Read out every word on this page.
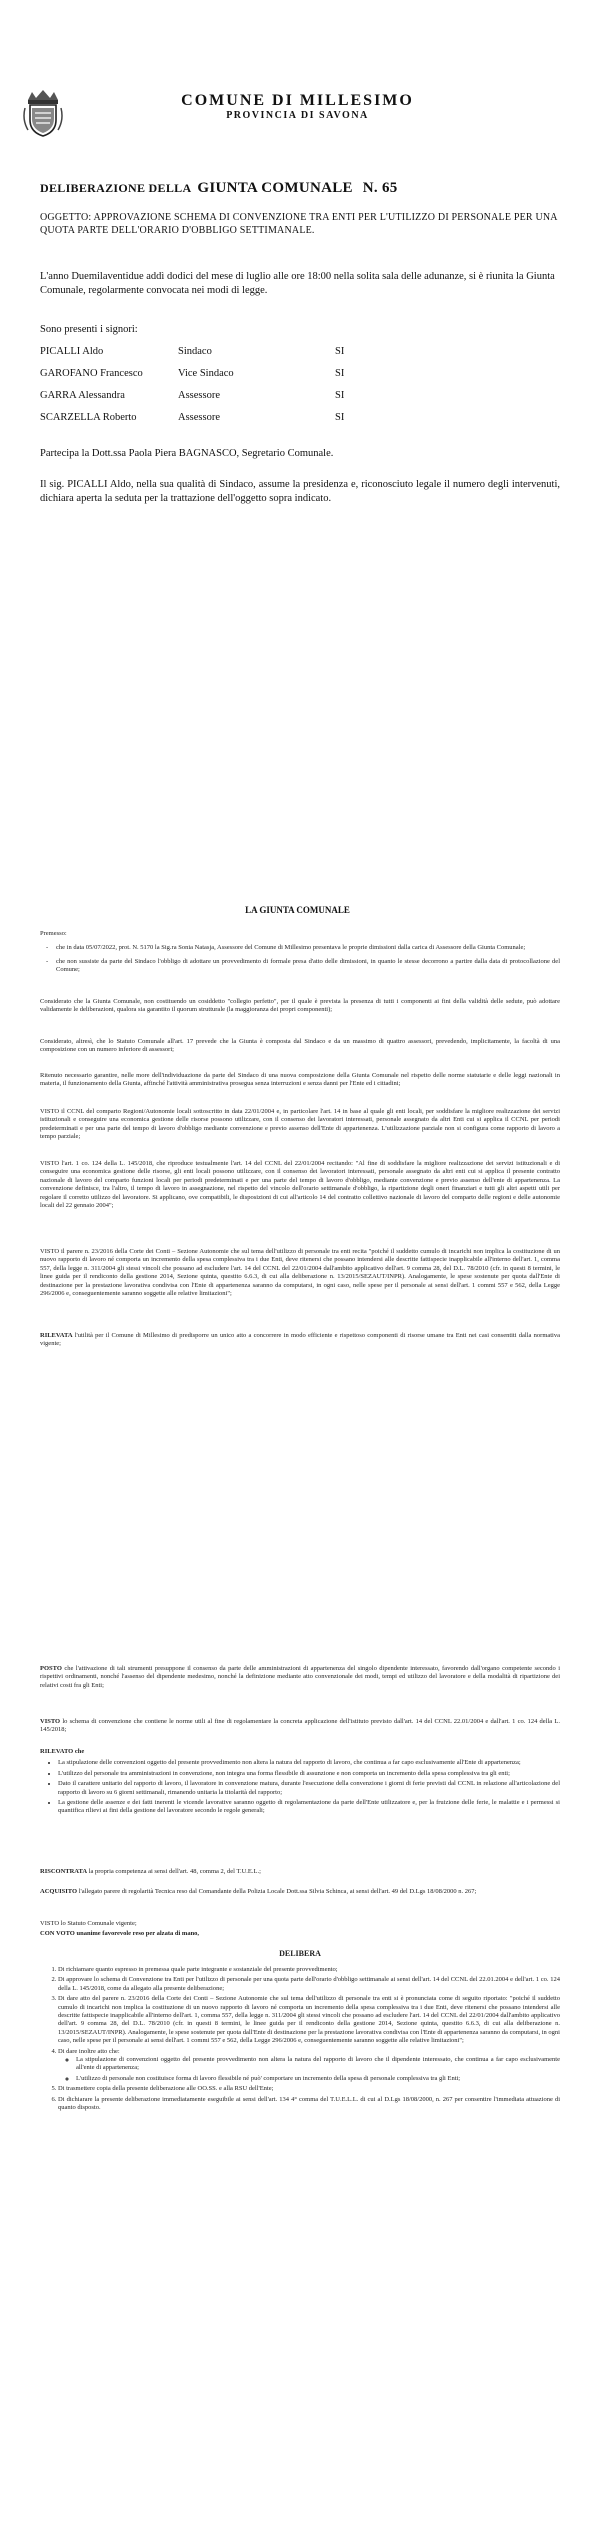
COMUNE DI MILLESIMO
PROVINCIA DI SAVONA
DELIBERAZIONE DELLA GIUNTA COMUNALE N. 65
OGGETTO: APPROVAZIONE SCHEMA DI CONVENZIONE TRA ENTI PER L'UTILIZZO DI PERSONALE PER UNA QUOTA PARTE DELL'ORARIO D'OBBLIGO SETTIMANALE.
L'anno Duemilaventidue addì dodici del mese di luglio alle ore 18:00 nella solita sala delle adunanze, si è riunita la Giunta Comunale, regolarmente convocata nei modi di legge.
Sono presenti i signori:
PICALLI Aldo	Sindaco	SI
GAROFANO Francesco	Vice Sindaco	SI
GARRA Alessandra	Assessore	SI
SCARZELLA Roberto	Assessore	SI
Partecipa la Dott.ssa Paola Piera BAGNASCO, Segretario Comunale.
Il sig. PICALLI Aldo, nella sua qualità di Sindaco, assume la presidenza e, riconosciuto legale il numero degli intervenuti, dichiara aperta la seduta per la trattazione dell'oggetto sopra indicato.
LA GIUNTA COMUNALE
Premesso:
- che in data 05/07/2022, prot. N. 5170 la Sig.ra Sonia Natasja, Assessore del Comune di Millesimo presentava le proprie dimissioni dalla carica di Assessore della Giunta Comunale;
- che non sussiste da parte del Sindaco l'obbligo di adottare un provvedimento di formale presa d'atto delle dimissioni, in quanto le stesse decorrono a partire dalla data di protocollazione del Comune;
Considerato che la Giunta Comunale, non costituendo un cosiddetto "collegio perfetto", per il quale è prevista la presenza di tutti i componenti ai fini della validità delle sedute, può adottare validamente le deliberazioni, qualora sia garantito il quorum strutturale (la maggioranza dei propri componenti);
Considerato, altresì, che lo Statuto Comunale all'art. 17 prevede che la Giunta è composta dal Sindaco e da un massimo di quattro assessori, prevedendo, implicitamente, la facoltà di una composizione con un numero inferiore di assessori;
Ritenuto necessario garantire, nelle more dell'individuazione da parte del Sindaco di una nuova composizione della Giunta Comunale nel rispetto delle norme statutarie e delle leggi nazionali in materia, il funzionamento della Giunta, affinché l'attività amministrativa prosegua senza interruzioni e senza danni per l'Ente ed i cittadini;
VISTO il CCNL del comparto Regioni/Autonomie locali sottoscritto in data 22/01/2004 e, in particolare l'art. 14 in base al quale gli enti locali, per soddisfare la migliore realizzazione dei servizi istituzionali e conseguire una economica gestione delle risorse possono utilizzare, con il consenso dei lavoratori interessati, personale assegnato da altri Enti cui si applica il CCNL per periodi predeterminati e per una parte del tempo di lavoro d'obbligo mediante convenzione e previo assenso dell'Ente di appartenenza. L'utilizzazione parziale non si configura come rapporto di lavoro a tempo parziale;
VISTO l'art. 1 co. 124 della L. 145/2018, che riproduce testualmente l'art. 14 del CCNL del 22/01/2004 recitando: "Al fine di soddisfare la migliore realizzazione dei servizi istituzionali e di conseguire una economica gestione delle risorse, gli enti locali possono utilizzare, con il consenso dei lavoratori interessati, personale assegnato da altri enti cui si applica il presente contratto nazionale di lavoro del comparto funzioni locali per periodi predeterminati e per una parte del tempo di lavoro d'obbligo, mediante convenzione e previo assenso dell'ente di appartenenza. La convenzione definisce, tra l'altro, il tempo di lavoro in assegnazione, nel rispetto del vincolo dell'orario settimanale d'obbligo, la ripartizione degli oneri finanziari e tutti gli altri aspetti utili per regolare il corretto utilizzo del lavoratore. Si applicano, ove compatibili, le disposizioni di cui all'articolo 14 del contratto collettivo nazionale di lavoro del comparto delle regioni e delle autonomie locali del 22 gennaio 2004";
VISTO il parere n. 23/2016 della Corte dei Conti – Sezione Autonomie che sul tema dell'utilizzo di personale tra enti recita "poiché il suddetto cumulo di incarichi non implica la costituzione di un nuovo rapporto di lavoro né comporta un incremento della spesa complessiva tra i due Enti, deve ritenersi che possano intendersi alle descritte fattispecie inapplicabile all'interno dell'art. 1, comma 557, della legge n. 311/2004 gli stessi vincoli che possano ad escludere l'art. 14 del CCNL del 22/01/2004 dall'ambito applicativo dell'art. 9 comma 28, del D.L. 78/2010 (cfr. in questi 8 termini, le linee guida per il rendiconto della gestione 2014, Sezione quinta, questito 6.6.3, di cui alla deliberazione n. 13/2015/SEZAUT/INPR). Analogamente, le spese sostenute per quota dall'Ente di destinazione per la prestazione lavorativa condivisa con l'Ente di appartenenza saranno da computarsi, in ogni caso, nelle spese per il personale ai sensi dell'art. 1 commi 557 e 562, della Legge 296/2006 e, conseguentemente saranno soggette alle relative limitazioni";
RILEVATA l'utilità per il Comune di Millesimo di predisporre un unico atto a concorrere in modo efficiente e rispettoso componenti di risorse umane tra Enti nei casi consentiti dalla normativa vigente;
POSTO che l'attivazione di tali strumenti presuppone il consenso da parte delle amministrazioni di appartenenza del singolo dipendente interessato, favorendo dall'organo competente secondo i rispettivi ordinamenti, nonché l'assenso del dipendente medesimo, nonché la definizione mediante atto convenzionale dei modi, tempi ed utilizzo del lavoratore e della modalità di ripartizione dei relativi costi fra gli Enti;
VISTO lo schema di convenzione che contiene le norme utili al fine di regolamentare la concreta applicazione dell'istituto previsto dall'art. 14 del CCNL 22.01/2004 e dall'art. 1 co. 124 della L. 145/2018;
RILEVATO che
• La stipulazione delle convenzioni oggetto del presente provvedimento non altera la natura del rapporto di lavoro, che continua a far capo esclusivamente all'Ente di appartenenza;
• L'utilizzo del personale tra amministrazioni in convenzione, non integra una forma flessibile di assunzione e non comporta un incremento della spesa complessiva tra gli enti;
• Dato il carattere unitario del rapporto di lavoro, il lavoratore in convenzione matura, durante l'esecuzione della convenzione i giorni di ferie previsti dal CCNL in relazione all'articolazione del rapporto di lavoro su 6 giorni settimanali, rimanendo unitaria la titolarità del rapporto;
• La gestione delle assenze e dei fatti inerenti le vicende lavorative saranno oggetto di regolamentazione da parte dell'Ente utilizzatore e, per la fruizione delle ferie, le malattie e i permessi si quantifica rilievi ai fini della gestione del lavoratore secondo le regole generali;
RISCONTRATA la propria competenza ai sensi dell'art. 48, comma 2, del T.U.E.L.;
ACQUISITO l'allegato parere di regolarità Tecnica reso dal Comandante della Polizia Locale Dott.ssa Silvia Schinca, ai sensi dell'art. 49 del D.Lgs 18/08/2000 n. 267;
VISTO lo Statuto Comunale vigente;
CON VOTO unanime favorevole reso per alzata di mano,
DELIBERA
1. Di richiamare quanto espresso in premessa quale parte integrante e sostanziale del presente provvedimento;
2. Di approvare lo schema di Convenzione tra Enti per l'utilizzo di personale per una quota parte dell'orario d'obbligo settimanale ai sensi dell'art. 14 del CCNL del 22.01.2004 e dell'art. 1 co. 124 della L. 145/2018, come da allegato alla presente deliberazione;
3. Di dare atto del parere n. 23/2016 della Corte dei Conti – Sezione Autonomie che sul tema dell'utilizzo di personale tra enti si è pronunciata come di seguito riportato: "poiché il suddetto cumulo di incarichi non implica la costituzione di un nuovo rapporto di lavoro né comporta un incremento della spesa complessiva tra i due Enti, deve ritenersi che possano intendersi alle descritte fattispecie inapplicabile all'interno dell'art. 1, comma 557, della legge n. 311/2004 gli stessi vincoli che possano ad escludere l'art. 14 del CCNL del 22/01/2004 dall'ambito applicativo dell'art. 9 comma 28, del D.L. 78/2010 (cfr. in questi 8 termini, le linee guida per il rendiconto della gestione 2014, Sezione quinta, questito 6.6.3, di cui alla deliberazione n. 13/2015/SEZAUT/INPR). Analogamente, le spese sostenute per quota dall'Ente di destinazione per la prestazione lavorativa condivisa con l'Ente di appartenenza saranno da computarsi, in ogni caso, nelle spese per il personale ai sensi dell'art. 1 commi 557 e 562, della Legge 296/2006 e, conseguentemente saranno soggette alle relative limitazioni";
4. Di dare inoltre atto che:
◦ La stipulazione di convenzioni oggetto del presente provvedimento non altera la natura del rapporto di lavoro che il dipendente interessato, che continua a far capo esclusivamente all'ente di appartenenza;
◦ L'utilizzo di personale non costituisce forma di lavoro flessibile né può' comportare un incremento della spesa di personale complessiva tra gli Enti;
5. Di trasmettere copia della presente deliberazione alle OO.SS. e alla RSU dell'Ente;
6. Di dichiarare la presente deliberazione immediatamente eseguibile ai sensi dell'art. 134 4° comma del T.U.E.L.L. di cui al D.Lgs 18/08/2000, n. 267 per consentire l'immediata attuazione di quanto disposto.
